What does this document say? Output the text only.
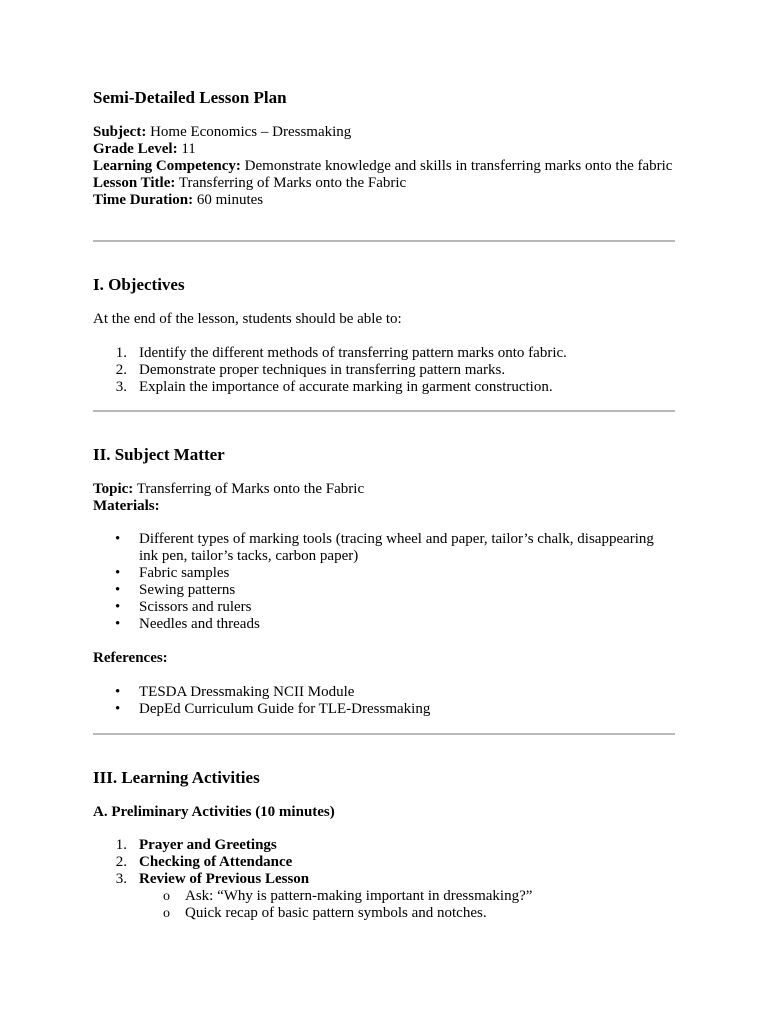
Semi-Detailed Lesson Plan

Subject: Home Economics – Dressmaking

Grade Level: 11

Learning Competency: Demonstrate knowledge and skills in transferring marks onto the fabric

Lesson Title: Transferring of Marks onto the Fabric

Time Duration: 60 minutes

I. Objectives
At the end of the lesson, students should be able to:
1. Identify the different methods of transferring pattern marks onto fabric.
2. Demonstrate proper techniques in transferring pattern marks.
3. Explain the importance of accurate marking in garment construction.
II. Subject Matter
Topic: Transferring of Marks onto the Fabric
Materials:
• Different types of marking tools (tracing wheel and paper, tailor’s chalk, disappearing ink pen, tailor’s tacks, carbon paper)
• Fabric samples
• Sewing patterns
• Scissors and rulers
• Needles and threads
References:
• TESDA Dressmaking NCII Module
• DepEd Curriculum Guide for TLE-Dressmaking
III. Learning Activities
A. Preliminary Activities (10 minutes)
1. Prayer and Greetings
2. Checking of Attendance
3. Review of Previous Lesson
o Ask: “Why is pattern-making important in dressmaking?”
o Quick recap of basic pattern symbols and notches.
